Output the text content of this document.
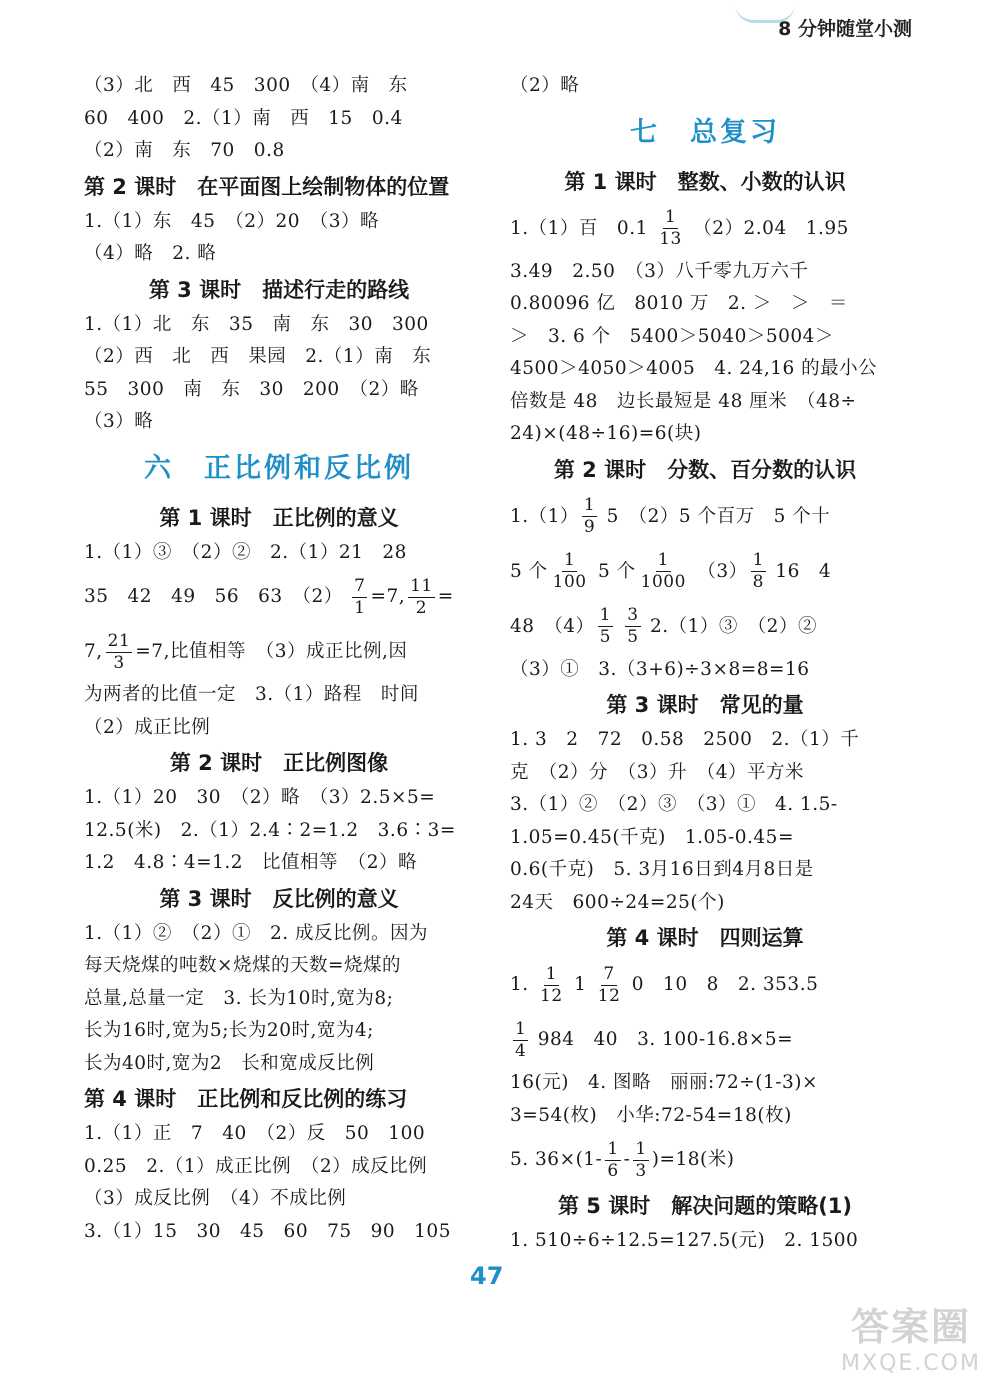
8 分钟随堂小测
（3）北　西　45　300　（4）南　东
60　400　2.（1）南　西　15　0.4
（2）南　东　70　0.8
第 2 课时　在平面图上绘制物体的位置
1.（1）东　45　（2）20　（3）略
（4）略　2. 略
第 3 课时　描述行走的路线
1.（1）北　东　35　南　东　30　300
（2）西　北　西　果园　2.（1）南　东
55　300　南　东　30　200　（2）略
（3）略
六　正比例和反比例
第 1 课时　正比例的意义
1.（1）③　（2）②　2.（1）21　28
35　42　49　56　63　$(2) \frac{7}{1} =7$, $\frac{11}{2}$ =
7, $\frac{21}{3} =7$,比值相等　（3）成正比例,因
为两者的比值一定　3.（1）路程　时间
（2）成正比例
第 2 课时　正比例图像
1.（1）20　30　（2）略　（3）2.5×5=
12.5(米)　2.（1）2.4∶2=1.2　3.6∶3=
1.2　4.8∶4=1.2　比值相等　（2）略
第 3 课时　反比例的意义
1.（1）②　（2）①　2. 成反比例。因为
每天烧煤的吨数×烧煤的天数=烧煤的
总量,总量一定　3. 长为10时,宽为8;
长为16时,宽为5;长为20时,宽为4;
长为40时,宽为2　长和宽成反比例
第 4 课时　正比例和反比例的练习
1.（1）正　7　40　（2）反　50　100
0.25　2.（1）成正比例　（2）成反比例
（3）成反比例　（4）不成比例
3.（1）15　30　45　60　75　90　105
（2）略
七　总复习
第 1 课时　整数、小数的认识
1.（1）百　$0.1 \frac{1}{13} (2)2.04$　1.95
3.49　2.50　（3）八千零九万六千
0.80096 亿　8010 万　2. ＞　＞　＝
＞　3. 6 个　5400＞5040＞5004＞
4500＞4050＞4005　4. 24,16 的最小公
倍数是 48　边长最短是 48 厘米　（48÷
24)×(48÷16)=6(块)
第 2 课时　分数、百分数的认识
$1.(1) \frac{1}{9} 5$　（2）5 个百万　5 个十
5 个 $\frac{1}{100} 5$ 个 $\frac{1}{1000} (3) \frac{1}{8} 16$　4
48　$(4) \frac{1}{5}$
$\frac{3}{5}$ 2.（1）③　（2）②
（3）①　3.（3+6)÷3×8=8=16
第 3 课时　常见的量
1. 3　2　72　0.58　2500　2.（1）千
克　（2）分　（3）升　（4）平方米
3.（1）②　（2）③　（3）①　4. 1.5-
1.05=0.45(千克)　1.05-0.45=
0.6(千克)　5. 3月16日到4月8日是
24天　600÷24=25(个)
第 4 课时　四则运算
1. $\frac{1}{12} 1 \frac{7}{12} 0$　10　8　2. 353.5
$\frac{1}{4} 984$　40　3. 100-16.8×5=
16(元)　4. 图略　丽丽:72÷(1-3)×
3=54(枚)　小华:72-54=18(枚)
5. $36\times(1- \frac{1}{6} - \frac{1}{3} )=18$(米)
第 5 课时　解决问题的策略(1)
1. 510÷6÷12.5=127.5(元)　2. 1500
47
答案圈
MXQE.COM
